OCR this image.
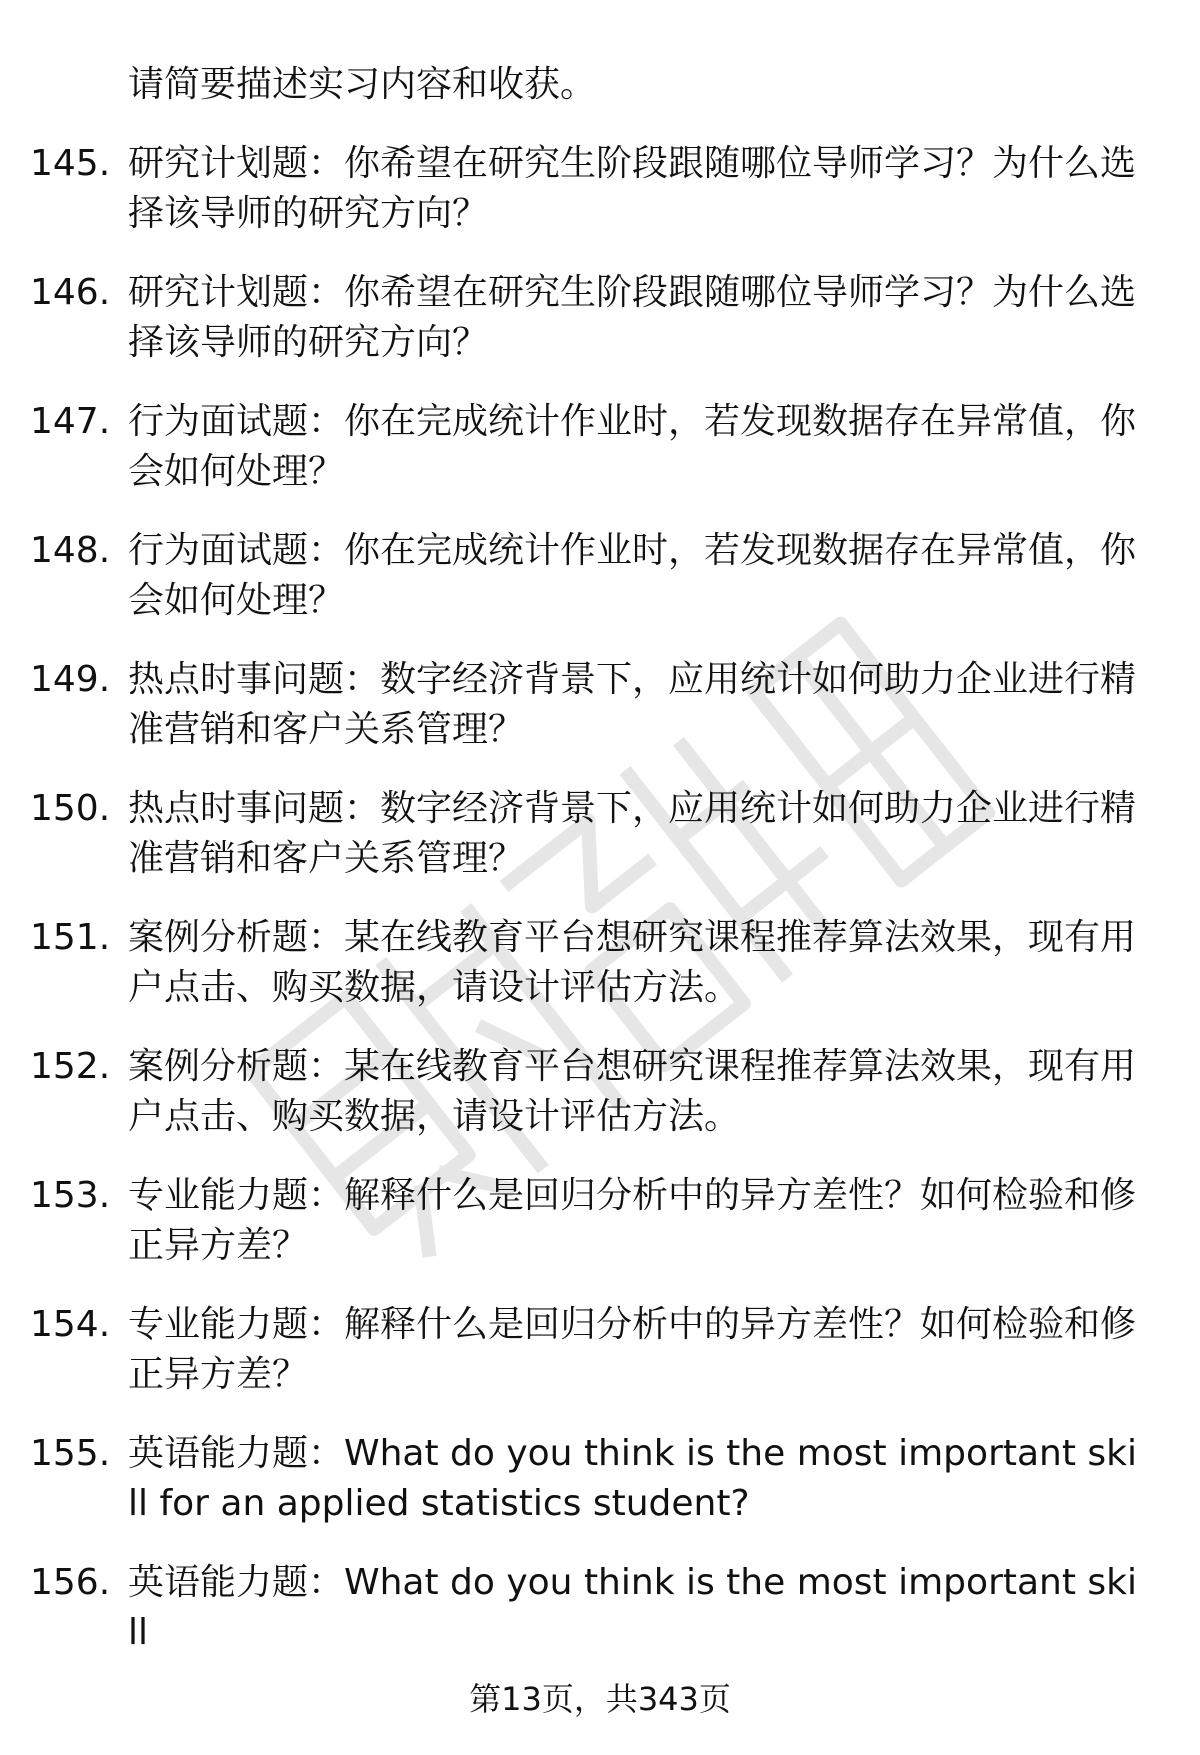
请简要描述实习内容和收获。
145. 研究计划题：你希望在研究生阶段跟随哪位导师学习？为什么选择该导师的研究方向？
146. 研究计划题：你希望在研究生阶段跟随哪位导师学习？为什么选择该导师的研究方向？
147. 行为面试题：你在完成统计作业时，若发现数据存在异常值，你会如何处理？
148. 行为面试题：你在完成统计作业时，若发现数据存在异常值，你会如何处理？
149. 热点时事问题：数字经济背景下，应用统计如何助力企业进行精准营销和客户关系管理？
150. 热点时事问题：数字经济背景下，应用统计如何助力企业进行精准营销和客户关系管理？
151. 案例分析题：某在线教育平台想研究课程推荐算法效果，现有用户点击、购买数据，请设计评估方法。
152. 案例分析题：某在线教育平台想研究课程推荐算法效果，现有用户点击、购买数据，请设计评估方法。
153. 专业能力题：解释什么是回归分析中的异方差性？如何检验和修正异方差？
154. 专业能力题：解释什么是回归分析中的异方差性？如何检验和修正异方差？
155. 英语能力题：What do you think is the most important skill for an applied statistics student?
156. 英语能力题：What do you think is the most important skill
第13页，共343页
